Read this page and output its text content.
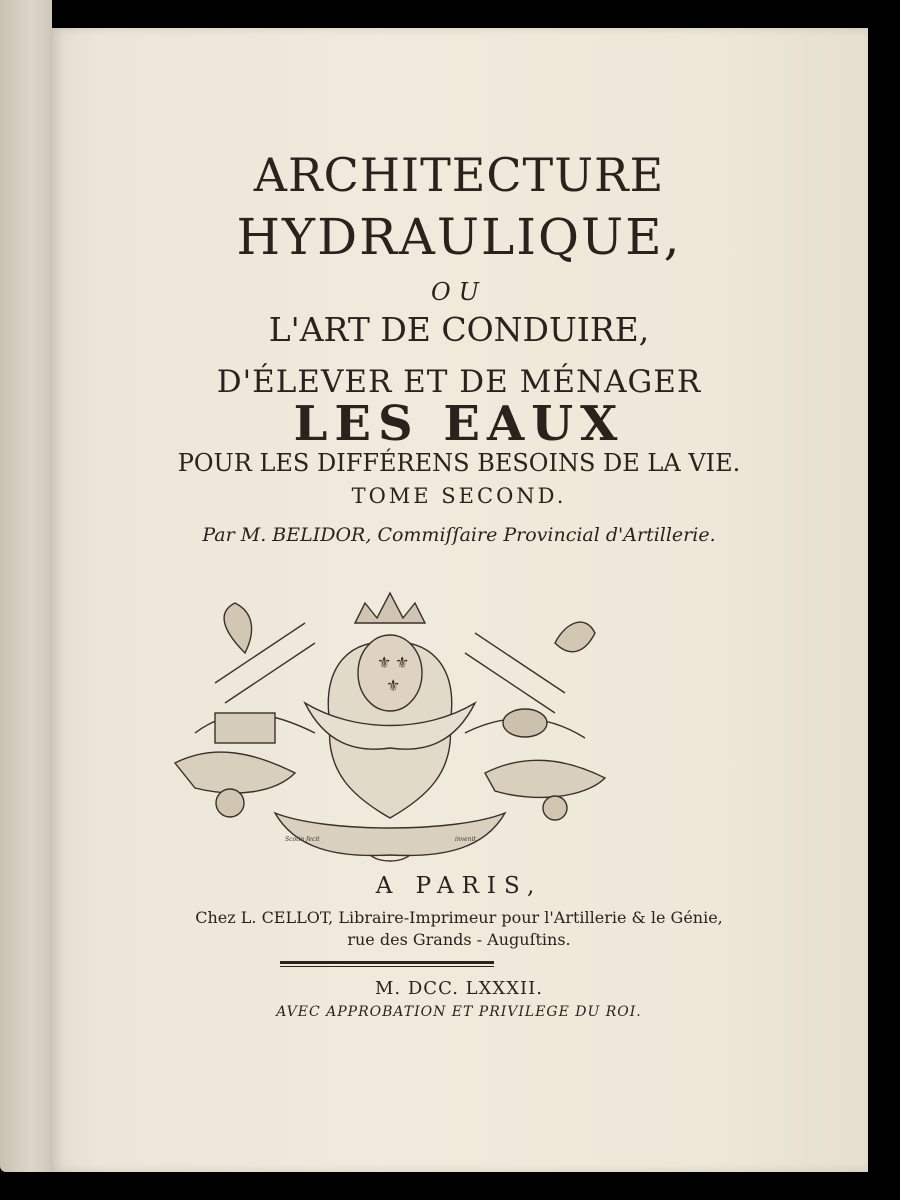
ARCHITECTURE
HYDRAULIQUE,
OU
L'ART DE CONDUIRE,
D'ÉLEVER ET DE MÉNAGER
LES EAUX
POUR LES DIFFÉRENS BESOINS DE LA VIE.
TOME SECOND.
Par M. BELIDOR, Commiſſaire Provincial d'Artillerie.
⚜ ⚜
⚜
Scotin fecit	invenit
A PARIS,
Chez L. CELLOT, Libraire-Imprimeur pour l'Artillerie & le Génie,
rue des Grands - Auguſtins.
M. DCC. LXXXII.
AVEC APPROBATION ET PRIVILEGE DU ROI.
